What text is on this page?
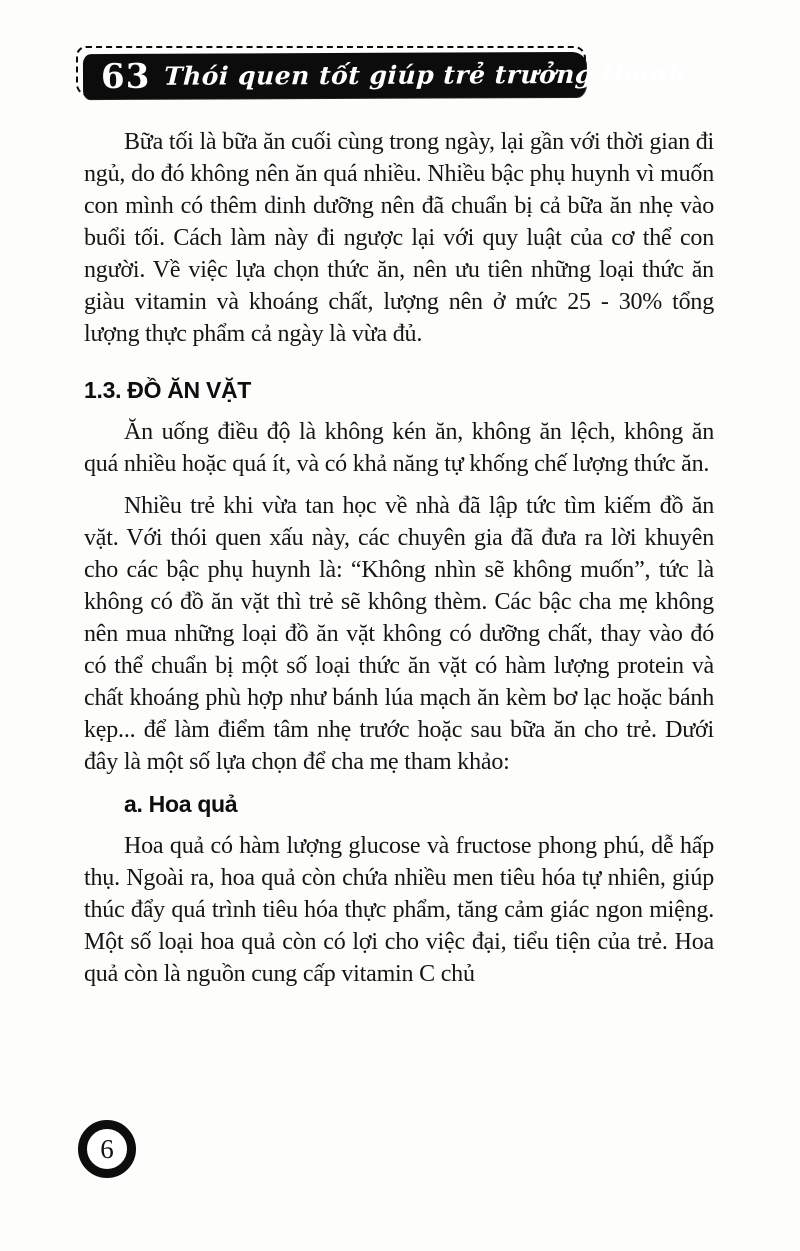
63 Thói quen tốt giúp trẻ trưởng thành

Bữa tối là bữa ăn cuối cùng trong ngày, lại gần với thời gian đi ngủ, do đó không nên ăn quá nhiều. Nhiều bậc phụ huynh vì muốn con mình có thêm dinh dưỡng nên đã chuẩn bị cả bữa ăn nhẹ vào buổi tối. Cách làm này đi ngược lại với quy luật của cơ thể con người. Về việc lựa chọn thức ăn, nên ưu tiên những loại thức ăn giàu vitamin và khoáng chất, lượng nên ở mức 25 - 30% tổng lượng thực phẩm cả ngày là vừa đủ.

1.3. ĐỒ ĂN VẶT

Ăn uống điều độ là không kén ăn, không ăn lệch, không ăn quá nhiều hoặc quá ít, và có khả năng tự khống chế lượng thức ăn.

Nhiều trẻ khi vừa tan học về nhà đã lập tức tìm kiếm đồ ăn vặt. Với thói quen xấu này, các chuyên gia đã đưa ra lời khuyên cho các bậc phụ huynh là: “Không nhìn sẽ không muốn”, tức là không có đồ ăn vặt thì trẻ sẽ không thèm. Các bậc cha mẹ không nên mua những loại đồ ăn vặt không có dưỡng chất, thay vào đó có thể chuẩn bị một số loại thức ăn vặt có hàm lượng protein và chất khoáng phù hợp như bánh lúa mạch ăn kèm bơ lạc hoặc bánh kẹp... để làm điểm tâm nhẹ trước hoặc sau bữa ăn cho trẻ. Dưới đây là một số lựa chọn để cha mẹ tham khảo:

a. Hoa quả

Hoa quả có hàm lượng glucose và fructose phong phú, dễ hấp thụ. Ngoài ra, hoa quả còn chứa nhiều men tiêu hóa tự nhiên, giúp thúc đẩy quá trình tiêu hóa thực phẩm, tăng cảm giác ngon miệng. Một số loại hoa quả còn có lợi cho việc đại, tiểu tiện của trẻ. Hoa quả còn là nguồn cung cấp vitamin C chủ

6
